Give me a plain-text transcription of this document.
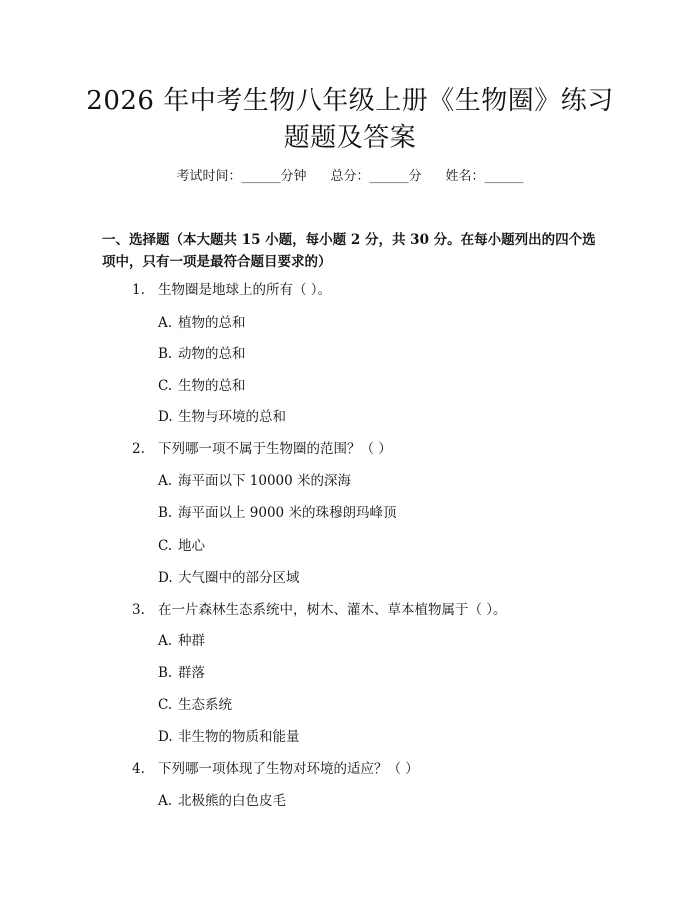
2026 年中考生物八年级上册《生物圈》练习
题题及答案
考试时间：______分钟 总分：______分 姓名：______
一、选择题（本大题共 15 小题，每小题 2 分，共 30 分。在每小题列出的四个选
项中，只有一项是最符合题目要求的）
1. 生物圈是地球上的所有（ ）。
A. 植物的总和
B. 动物的总和
C. 生物的总和
D. 生物与环境的总和
2. 下列哪一项不属于生物圈的范围？（ ）
A. 海平面以下 10000 米的深海
B. 海平面以上 9000 米的珠穆朗玛峰顶
C. 地心
D. 大气圈中的部分区域
3. 在一片森林生态系统中，树木、灌木、草本植物属于（ ）。
A. 种群
B. 群落
C. 生态系统
D. 非生物的物质和能量
4. 下列哪一项体现了生物对环境的适应？（ ）
A. 北极熊的白色皮毛
